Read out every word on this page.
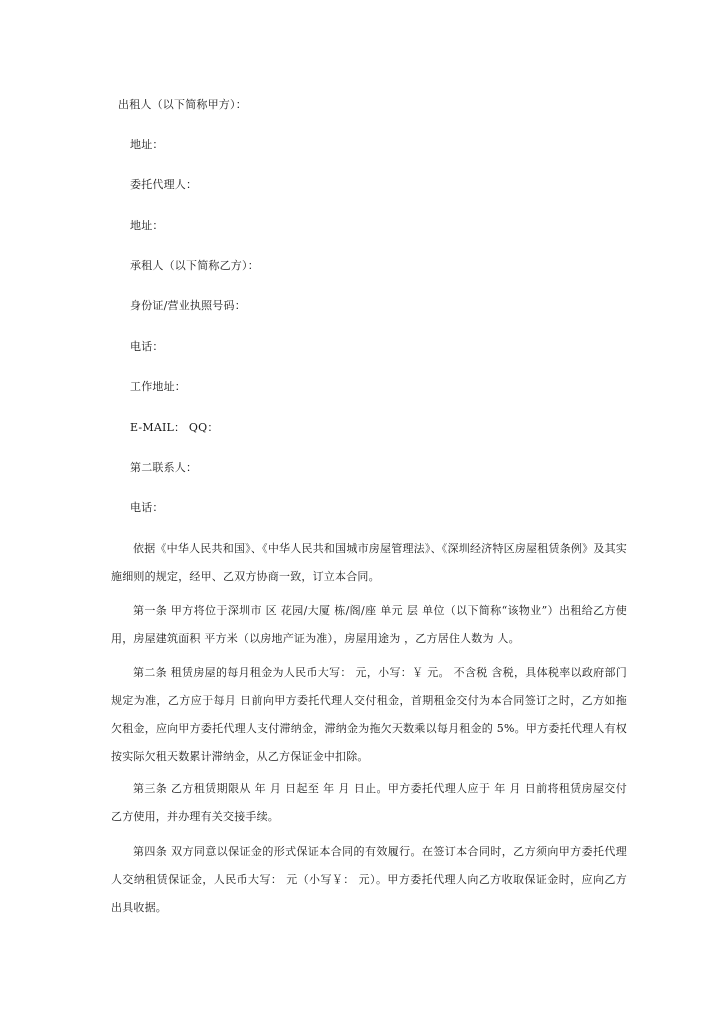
出租人（以下简称甲方）：
地址：
委托代理人：
地址：
承租人（以下简称乙方）：
身份证/营业执照号码：
电话：
工作地址：
E-MAIL： QQ：
第二联系人：
电话：
依据《中华人民共和国》、《中华人民共和国城市房屋管理法》、《深圳经济特区房屋租赁条例》及其实施细则的规定，经甲、乙双方协商一致，订立本合同。
第一条 甲方将位于深圳市 区 花园/大厦 栋/阁/座 单元 层 单位（以下简称“该物业”）出租给乙方使用，房屋建筑面积 平方米（以房地产证为准），房屋用途为 ，乙方居住人数为 人。
第二条 租赁房屋的每月租金为人民币大写： 元，小写：￥ 元。 不含税 含税，具体税率以政府部门规定为准，乙方应于每月 日前向甲方委托代理人交付租金，首期租金交付为本合同签订之时，乙方如拖欠租金，应向甲方委托代理人支付滞纳金，滞纳金为拖欠天数乘以每月租金的 5%。甲方委托代理人有权按实际欠租天数累计滞纳金，从乙方保证金中扣除。
第三条 乙方租赁期限从 年 月 日起至 年 月 日止。甲方委托代理人应于 年 月 日前将租赁房屋交付乙方使用，并办理有关交接手续。
第四条 双方同意以保证金的形式保证本合同的有效履行。在签订本合同时，乙方须向甲方委托代理人交纳租赁保证金，人民币大写： 元（小写￥： 元）。甲方委托代理人向乙方收取保证金时，应向乙方出具收据。
